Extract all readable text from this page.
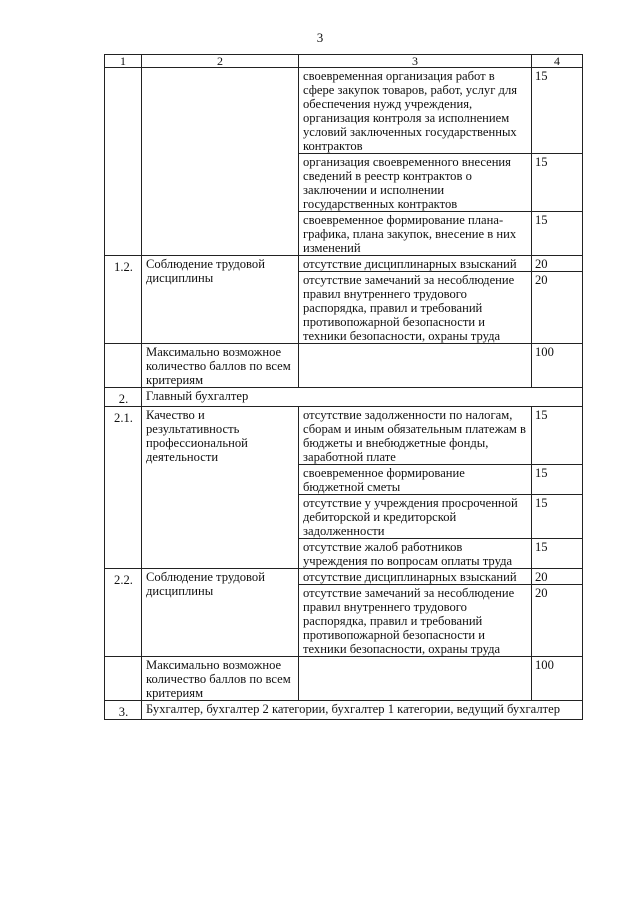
3
1	2	3	4
		своевременная организация работ в сфере закупок товаров, работ, услуг для обеспечения нужд учреждения, организация контроля за исполнением условий заключенных государственных контрактов	15
		организация своевременного внесения сведений в реестр контрактов о заключении и исполнении государственных контрактов	15
		своевременное формирование плана-графика, плана закупок, внесение в них изменений	15
1.2.	Соблюдение трудовой дисциплины	отсутствие дисциплинарных взысканий	20
		отсутствие замечаний за несоблюдение правил внутреннего трудового распорядка, правил и требований противопожарной безопасности и техники безопасности, охраны труда	20
	Максимально возможное количество баллов по всем критериям		100
2.	Главный бухгалтер		
2.1.	Качество и результативность профессиональной деятельности	отсутствие задолженности по налогам, сборам и иным обязательным платежам в бюджеты и внебюджетные фонды, заработной плате	15
		своевременное формирование бюджетной сметы	15
		отсутствие у учреждения просроченной дебиторской и кредиторской задолженности	15
		отсутствие жалоб работников учреждения по вопросам оплаты труда	15
2.2.	Соблюдение трудовой дисциплины	отсутствие дисциплинарных взысканий	20
		отсутствие замечаний за несоблюдение правил внутреннего трудового распорядка, правил и требований противопожарной безопасности и техники безопасности, охраны труда	20
	Максимально возможное количество баллов по всем критериям		100
3.	Бухгалтер, бухгалтер 2 категории, бухгалтер 1 категории, ведущий бухгалтер		
